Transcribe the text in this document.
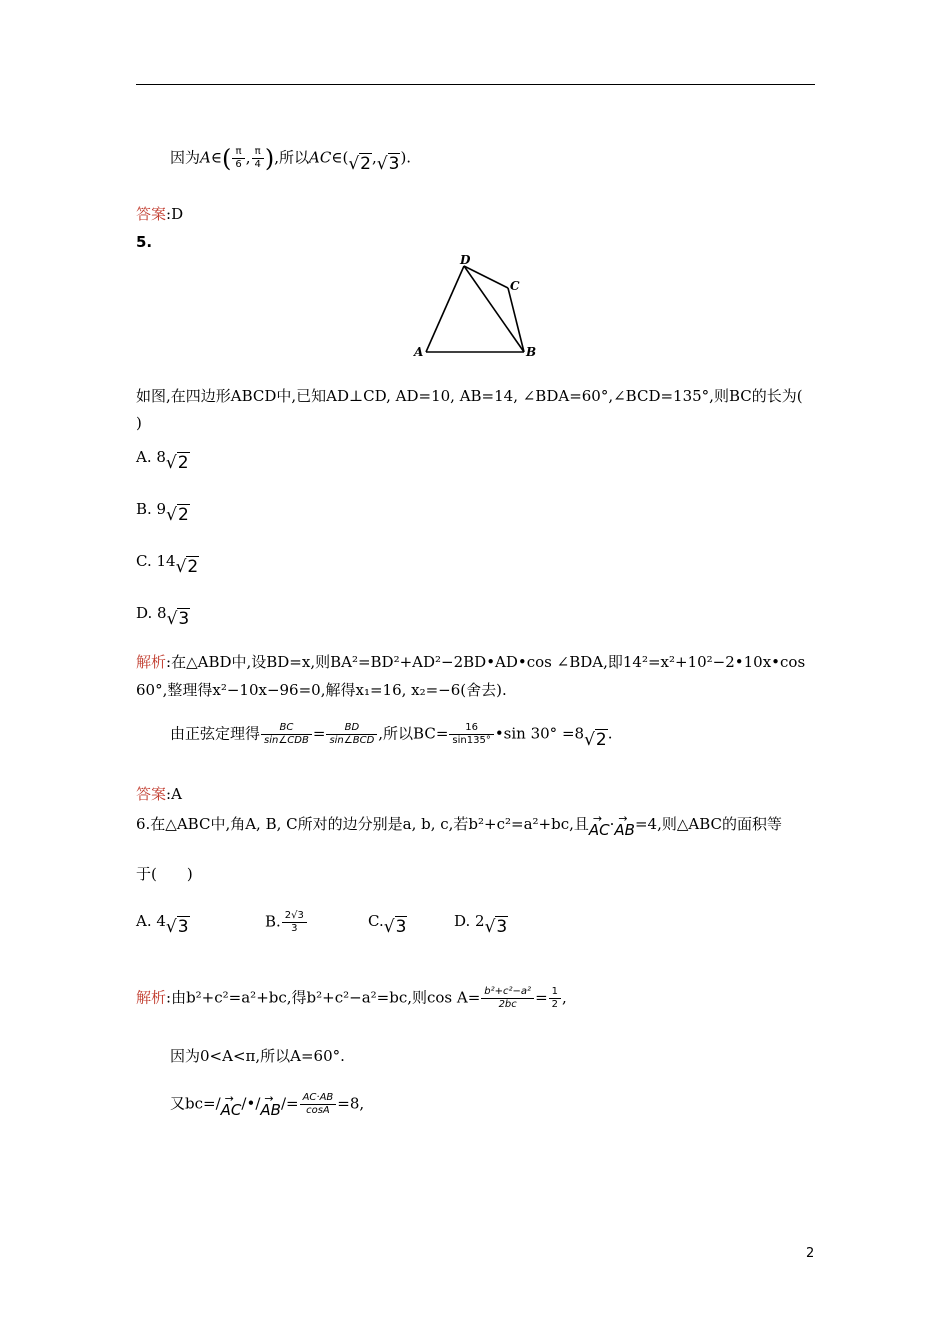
因为A∈( $\frac{\pi}{6}$ , $\frac{\pi}{4}$ ),所以AC∈(√2,√3).
答案:D
5.
D
C
A	B
如图,在四边形ABCD中,已知AD⊥CD, AD=10, AB=14, ∠BDA=60°,∠BCD=135°,则BC的长为(
)
A. 8√2
B. 9√2
C. 14√2
D. 8√3
解析:在△ABD中,设BD=x,则BA²=BD²+AD²−2BD•AD•cos ∠BDA,即14²=x²+10²−2•10x•cos
60°,整理得x²−10x−96=0,解得x₁=16, x₂=−6(舍去).
由正弦定理得 $\frac{BC}{\text{sin∠CDB}} = \frac{BD}{\text{sin∠BCD}}$ ,所以$BC= \frac{16}{\sin 135^\circ}$ •sin 30° =8√2.
答案:A
6.在△ABC中,角A, B, C所对的边分别是a, b, c,若b²+c²=a²+bc,且→ AC·→ AB=4,则△ABC的面积等
于(　　)
A. 4√3	B. $\frac{2√3}{3}$	C.√3	D. 2√3
解析:由b²+c²=a²+bc,得b²+c²−a²=bc,则$\cos A= \frac{\text{b²+c²−a²}}{2bc} = \frac{1}{2}$ ,
因为0<A<π,所以A=60°.
又bc=/→ AC/•/→ $AB/= \frac{AC\cdot AB}{\cos A} =8$,
2
